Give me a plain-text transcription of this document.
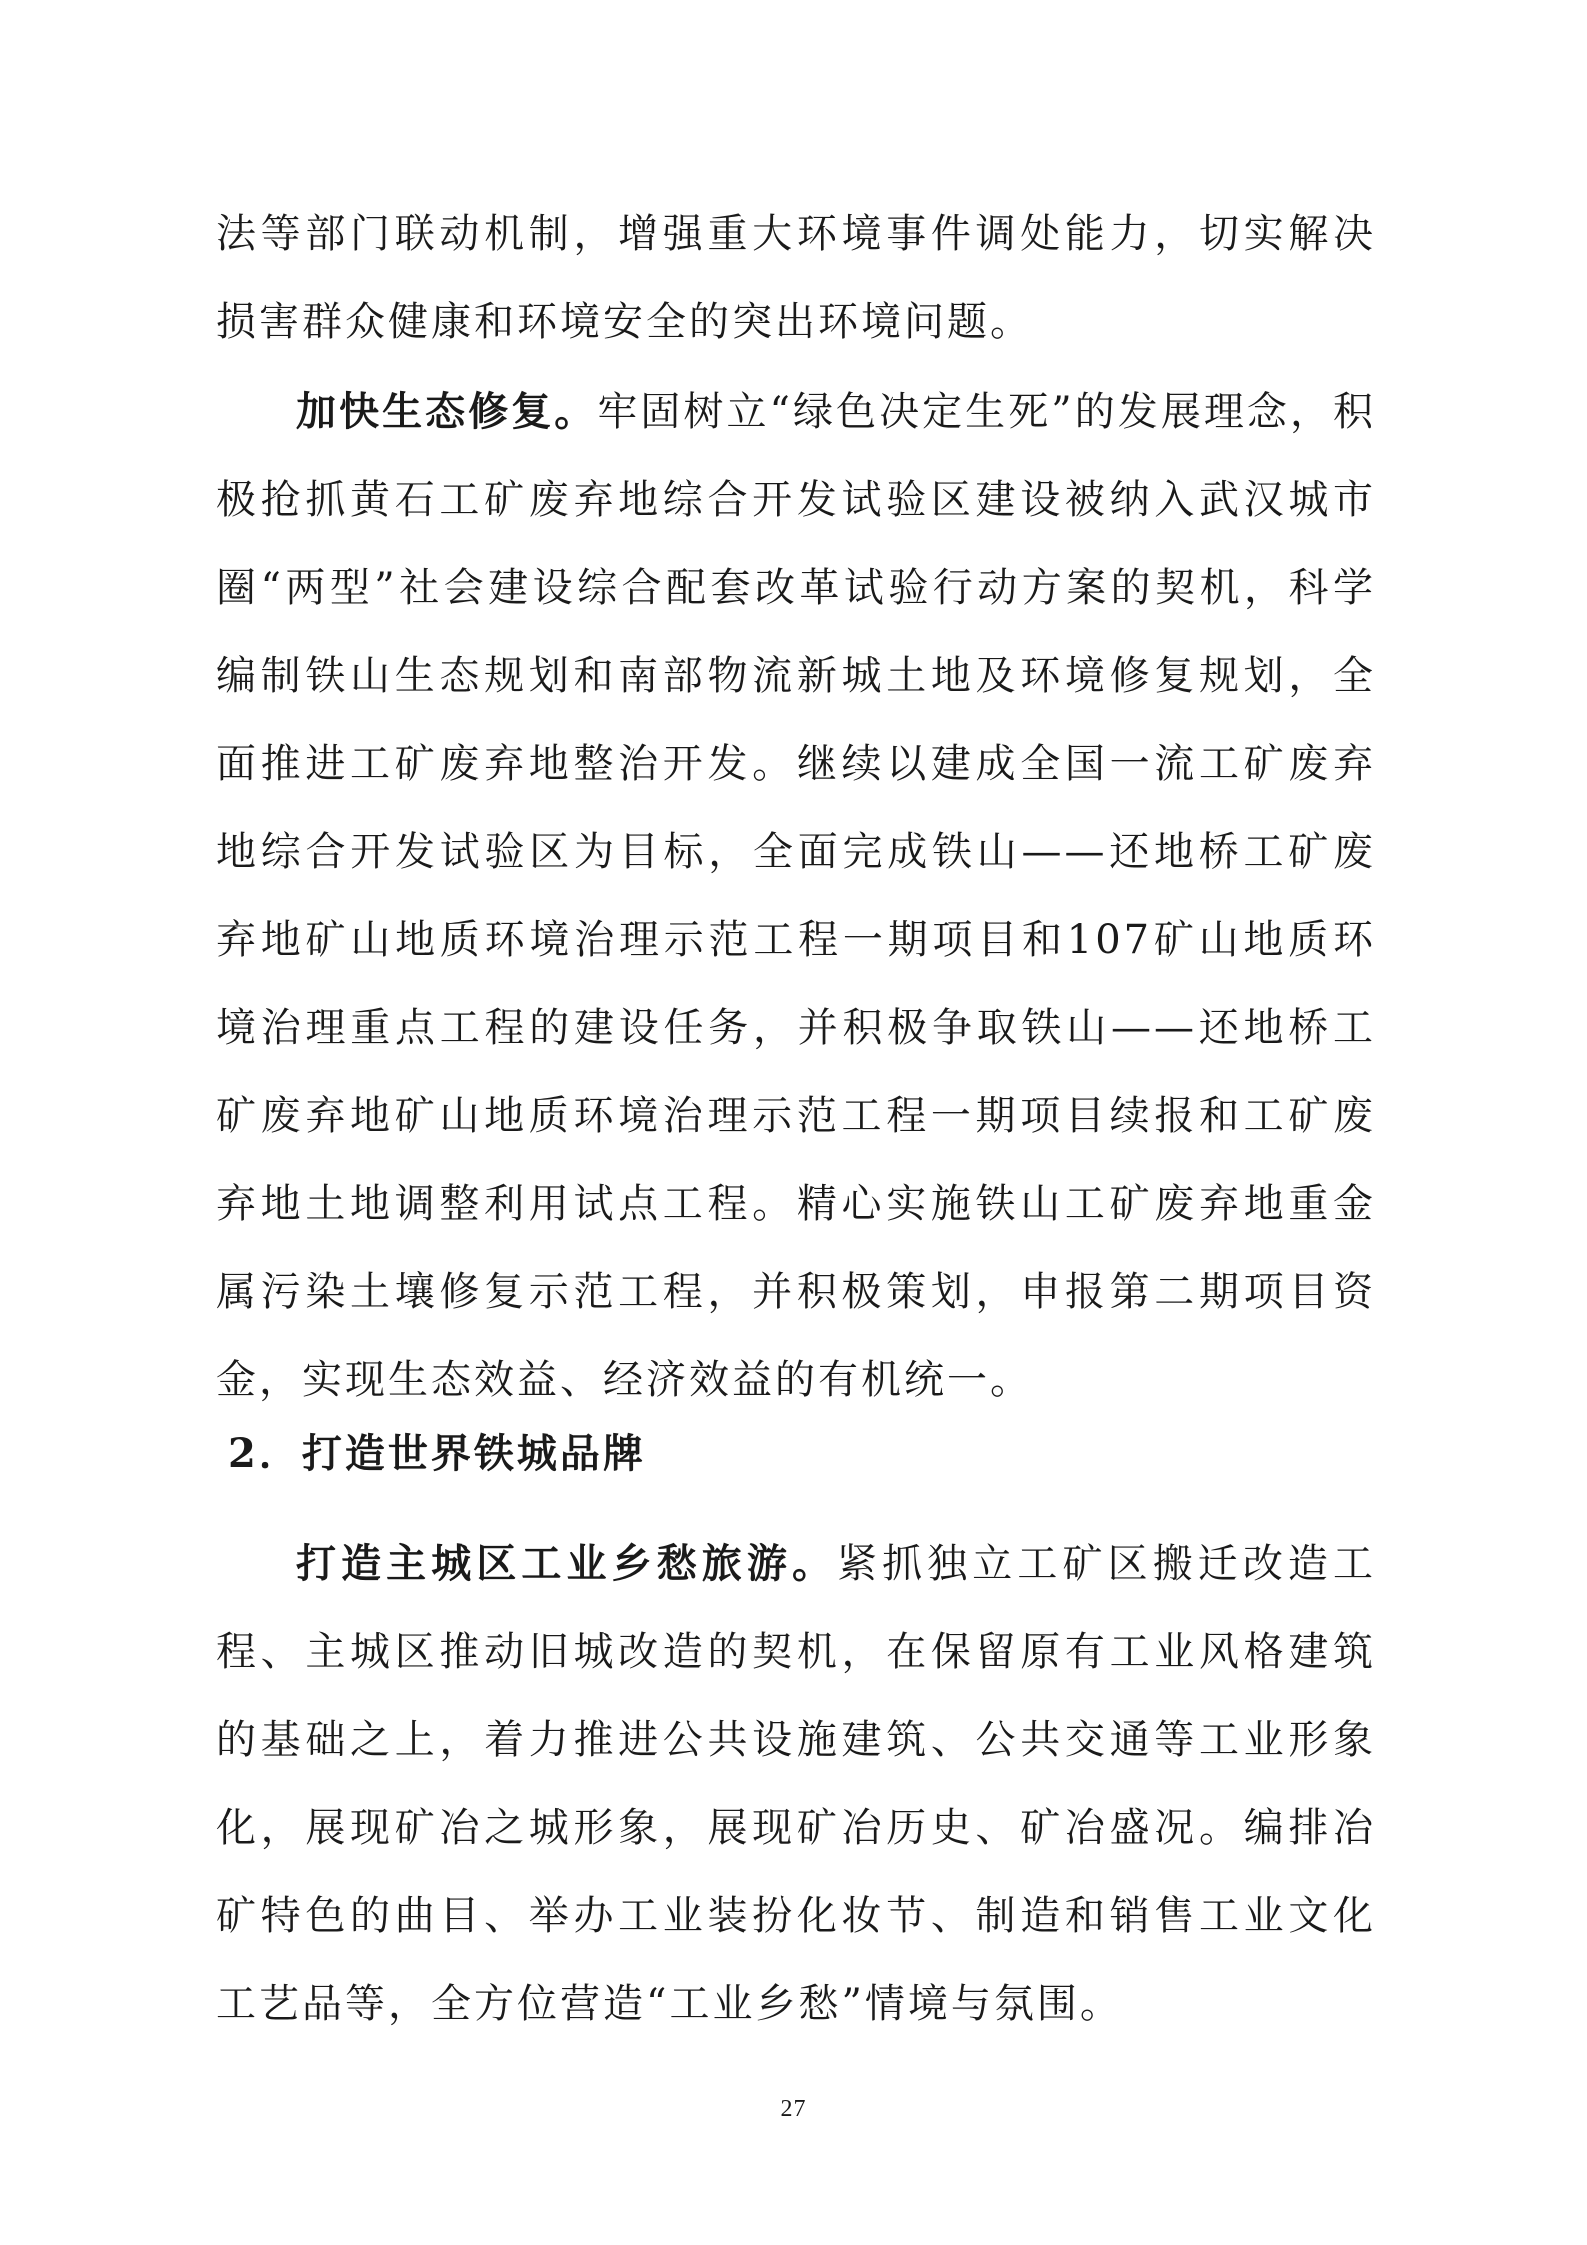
法等部门联动机制，增强重大环境事件调处能力，切实解决损害群众健康和环境安全的突出环境问题。

加快生态修复。牢固树立“绿色决定生死”的发展理念，积极抢抓黄石工矿废弃地综合开发试验区建设被纳入武汉城市圈“两型”社会建设综合配套改革试验行动方案的契机，科学编制铁山生态规划和南部物流新城土地及环境修复规划，全面推进工矿废弃地整治开发。继续以建成全国一流工矿废弃地综合开发试验区为目标，全面完成铁山——还地桥工矿废弃地矿山地质环境治理示范工程一期项目和107矿山地质环境治理重点工程的建设任务，并积极争取铁山——还地桥工矿废弃地矿山地质环境治理示范工程一期项目续报和工矿废弃地土地调整利用试点工程。精心实施铁山工矿废弃地重金属污染土壤修复示范工程，并积极策划，申报第二期项目资金，实现生态效益、经济效益的有机统一。

2．打造世界铁城品牌

打造主城区工业乡愁旅游。紧抓独立工矿区搬迁改造工程、主城区推动旧城改造的契机，在保留原有工业风格建筑的基础之上，着力推进公共设施建筑、公共交通等工业形象化，展现矿冶之城形象，展现矿冶历史、矿冶盛况。编排冶矿特色的曲目、举办工业装扮化妆节、制造和销售工业文化工艺品等，全方位营造“工业乡愁”情境与氛围。

27
